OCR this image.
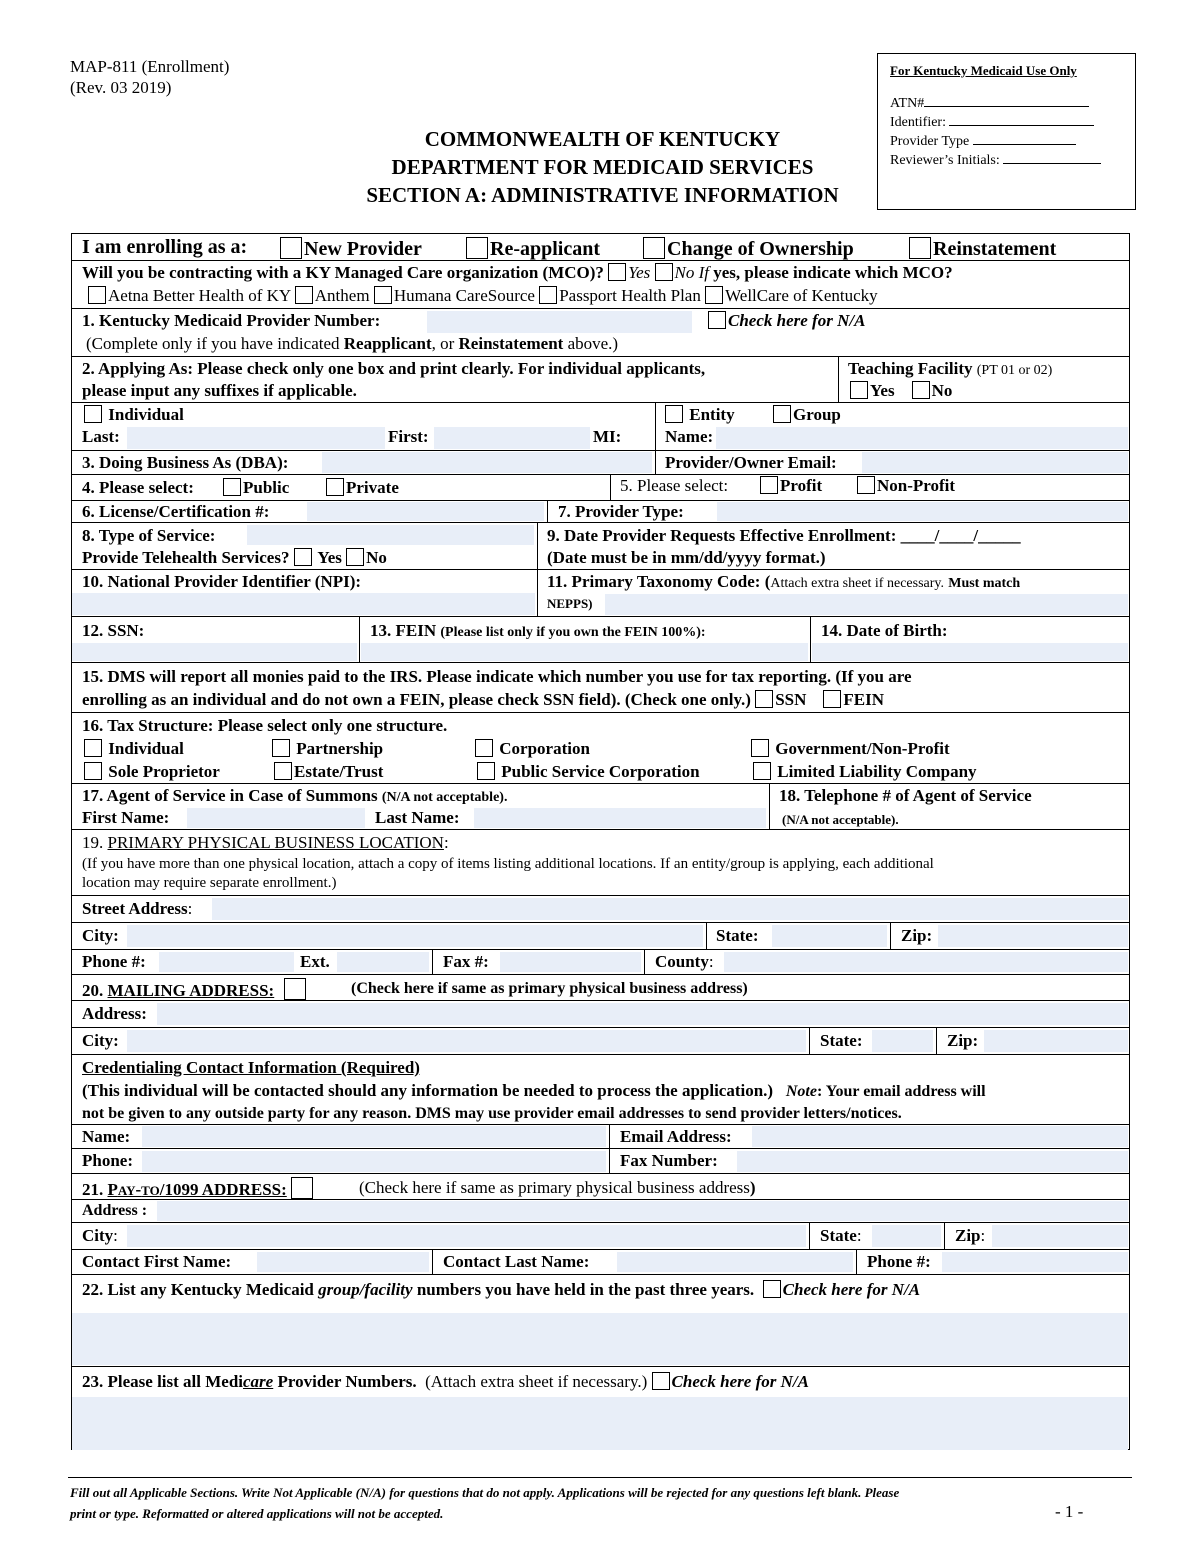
MAP-811 (Enrollment)
(Rev. 03 2019)
For Kentucky Medicaid Use Only
ATN#
Identifier:
Provider Type
Reviewer’s Initials:
COMMONWEALTH OF KENTUCKY
DEPARTMENT FOR MEDICAID SERVICES
SECTION A: ADMINISTRATIVE INFORMATION
I am enrolling as a:	New Provider	Re-applicant	Change of Ownership	Reinstatement
Will you be contracting with a KY Managed Care organization (MCO)? Yes No If yes, please indicate which MCO?
Aetna Better Health of KY Anthem Humana CareSource Passport Health Plan WellCare of Kentucky
1. Kentucky Medicaid Provider Number:	Check here for N/A
(Complete only if you have indicated Reapplicant, or Reinstatement above.)
2. Applying As: Please check only one box and print clearly. For individual applicants,
please input any suffixes if applicable.
Teaching Facility (PT 01 or 02)
Yes No
Individual	Entity	Group
Last:	First:	MI:	Name:
3. Doing Business As (DBA):	Provider/Owner Email:
4. Please select:	Public	Private	5. Please select:	Profit	Non-Profit
6. License/Certification #:	7. Provider Type:
8. Type of Service:
Provide Telehealth Services? Yes No
9. Date Provider Requests Effective Enrollment: ____/____/_____
(Date must be in mm/dd/yyyy format.)
10. National Provider Identifier (NPI):	11. Primary Taxonomy Code: (Attach extra sheet if necessary. Must match
NEPPS)
12. SSN:	13. FEIN (Please list only if you own the FEIN 100%):	14. Date of Birth:
15. DMS will report all monies paid to the IRS. Please indicate which number you use for tax reporting. (If you are
enrolling as an individual and do not own a FEIN, please check SSN field). (Check one only.) SSN FEIN
16. Tax Structure: Please select only one structure.
Individual	Partnership	Corporation	Government/Non-Profit
Sole Proprietor	Estate/Trust	Public Service Corporation	Limited Liability Company
17. Agent of Service in Case of Summons (N/A not acceptable).
First Name:	Last Name:
18. Telephone # of Agent of Service
(N/A not acceptable).
19. PRIMARY PHYSICAL BUSINESS LOCATION:
(If you have more than one physical location, attach a copy of items listing additional locations. If an entity/group is applying, each additional
location may require separate enrollment.)
Street Address:
City:	State:	Zip:
Phone #:	Ext.	Fax #:	County:
20. MAILING ADDRESS:	(Check here if same as primary physical business address)
Address:
City:	State:	Zip:
Credentialing Contact Information (Required)
(This individual will be contacted should any information be needed to process the application.) Note: Your email address will
not be given to any outside party for any reason. DMS may use provider email addresses to send provider letters/notices.
Name:	Email Address:
Phone:	Fax Number:
21. PAY-TO/1099 ADDRESS:	(Check here if same as primary physical business address)
Address :
City:	State:	Zip:
Contact First Name:	Contact Last Name:	Phone #:
22. List any Kentucky Medicaid group/facility numbers you have held in the past three years. Check here for N/A
23. Please list all Medicare Provider Numbers. (Attach extra sheet if necessary.) Check here for N/A
Fill out all Applicable Sections. Write Not Applicable (N/A) for questions that do not apply. Applications will be rejected for any questions left blank. Please
print or type. Reformatted or altered applications will not be accepted.	- 1 -
